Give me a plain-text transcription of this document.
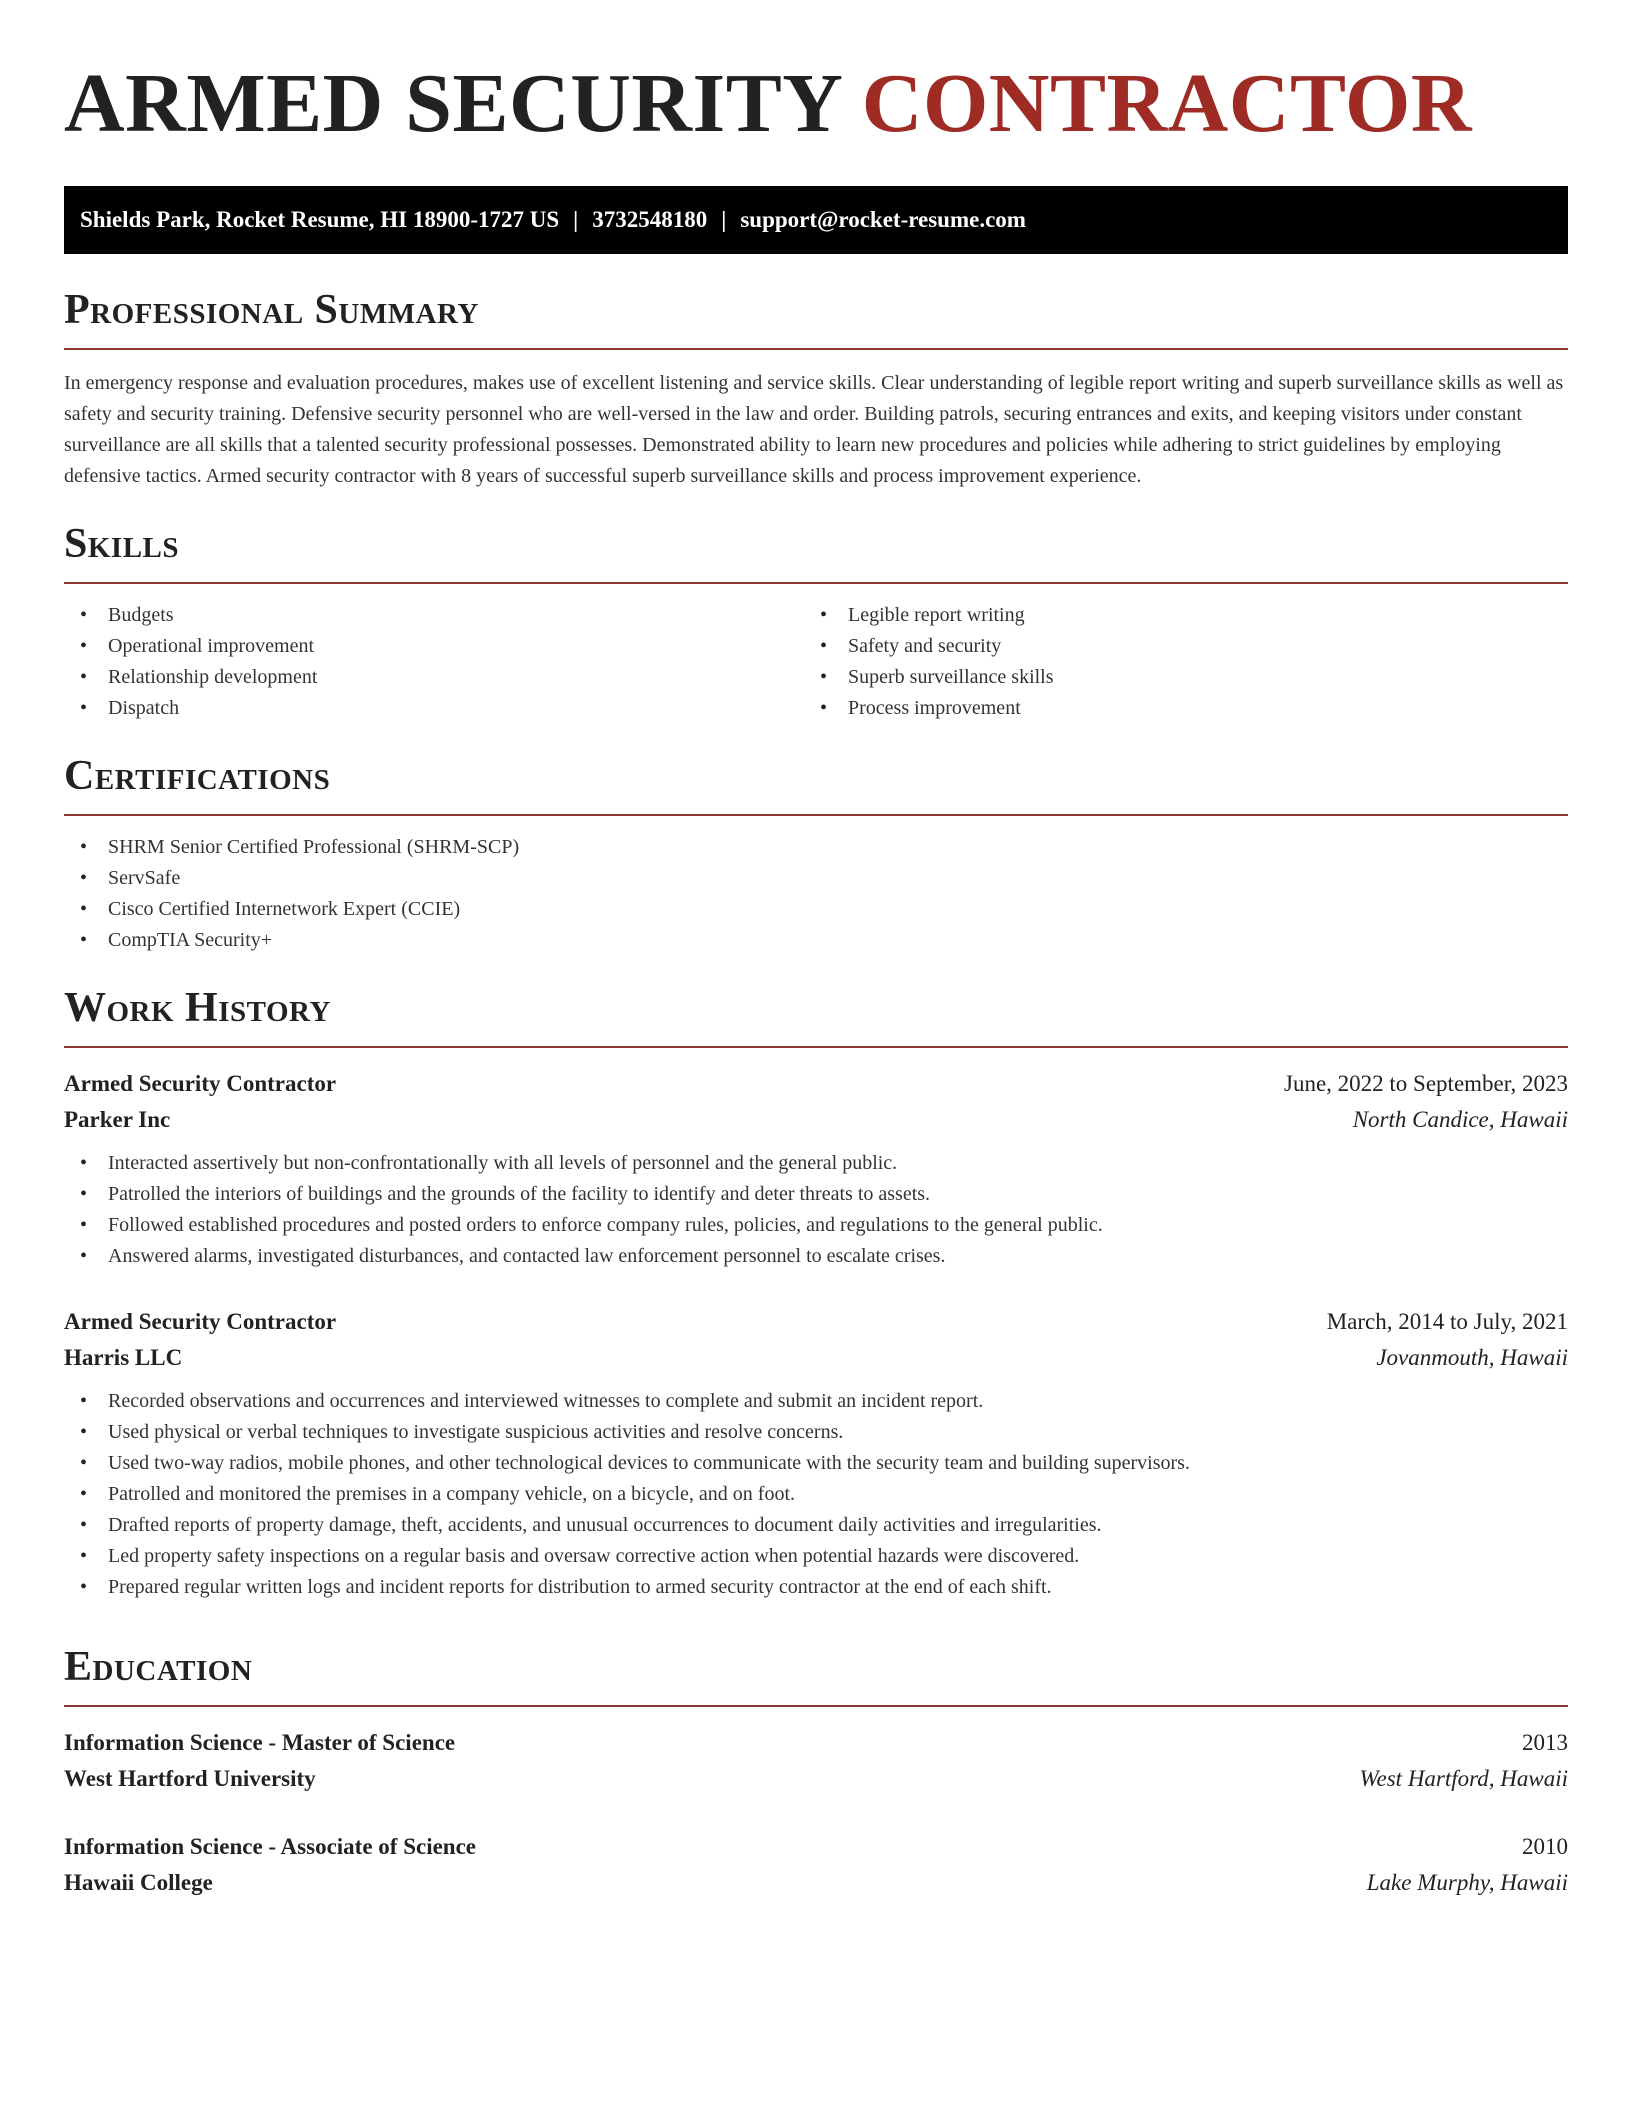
ARMED SECURITY CONTRACTOR
Shields Park, Rocket Resume, HI 18900-1727 US | 3732548180 | support@rocket-resume.com
Professional Summary

In emergency response and evaluation procedures, makes use of excellent listening and service skills. Clear understanding of legible report writing and superb surveillance skills as well as safety and security training. Defensive security personnel who are well-versed in the law and order. Building patrols, securing entrances and exits, and keeping visitors under constant surveillance are all skills that a talented security professional possesses. Demonstrated ability to learn new procedures and policies while adhering to strict guidelines by employing defensive tactics. Armed security contractor with 8 years of successful superb surveillance skills and process improvement experience.

Skills
• Budgets
• Operational improvement
• Relationship development
• Dispatch
• Legible report writing
• Safety and security
• Superb surveillance skills
• Process improvement
Certifications
• SHRM Senior Certified Professional (SHRM-SCP)
• ServSafe
• Cisco Certified Internetwork Expert (CCIE)
• CompTIA Security+
Work History
Armed Security Contractor	June, 2022 to September, 2023
Parker Inc	North Candice, Hawaii
• Interacted assertively but non-confrontationally with all levels of personnel and the general public.
• Patrolled the interiors of buildings and the grounds of the facility to identify and deter threats to assets.
• Followed established procedures and posted orders to enforce company rules, policies, and regulations to the general public.
• Answered alarms, investigated disturbances, and contacted law enforcement personnel to escalate crises.
Armed Security Contractor	March, 2014 to July, 2021
Harris LLC	Jovanmouth, Hawaii
• Recorded observations and occurrences and interviewed witnesses to complete and submit an incident report.
• Used physical or verbal techniques to investigate suspicious activities and resolve concerns.
• Used two-way radios, mobile phones, and other technological devices to communicate with the security team and building supervisors.
• Patrolled and monitored the premises in a company vehicle, on a bicycle, and on foot.
• Drafted reports of property damage, theft, accidents, and unusual occurrences to document daily activities and irregularities.
• Led property safety inspections on a regular basis and oversaw corrective action when potential hazards were discovered.
• Prepared regular written logs and incident reports for distribution to armed security contractor at the end of each shift.
Education
Information Science - Master of Science	2013
West Hartford University	West Hartford, Hawaii
Information Science - Associate of Science	2010
Hawaii College	Lake Murphy, Hawaii
